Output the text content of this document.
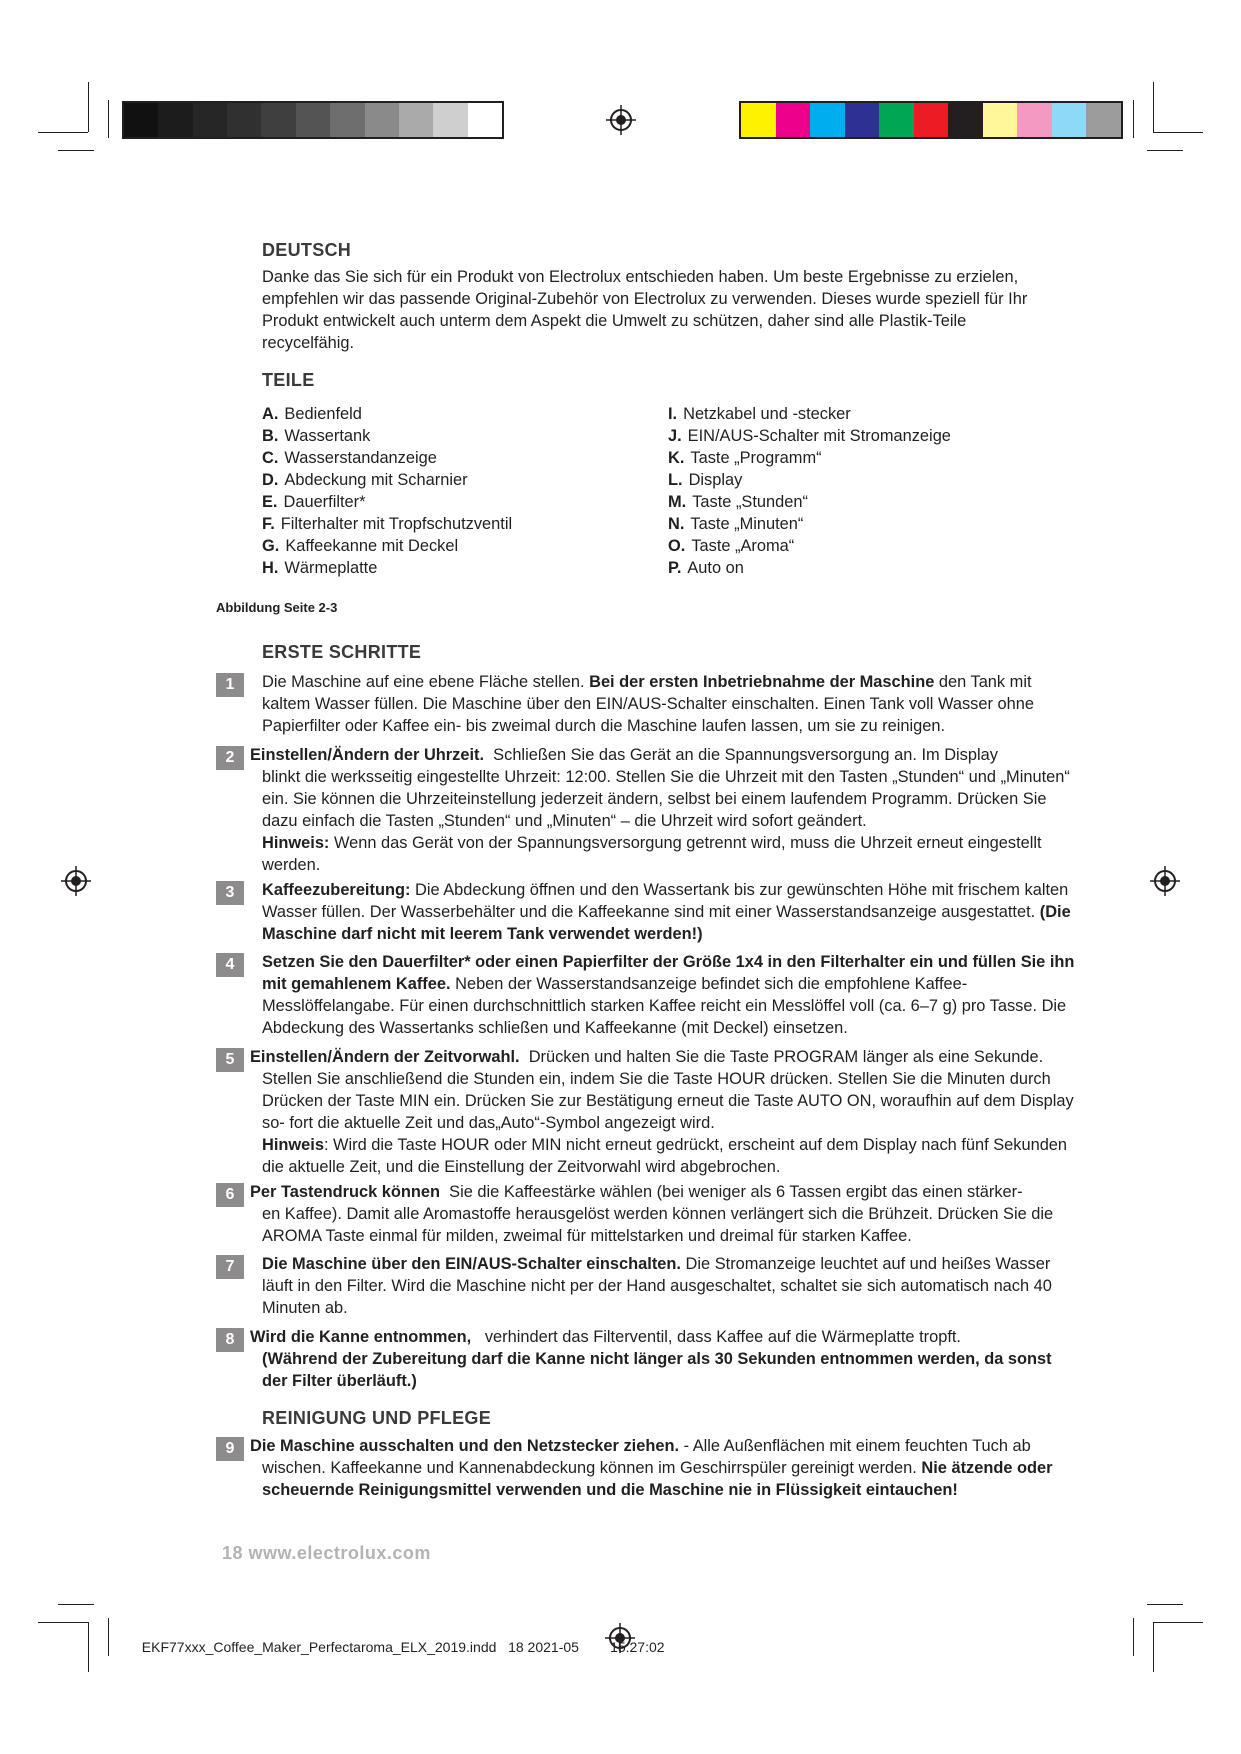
DEUTSCH
Danke das Sie sich für ein Produkt von Electrolux entschieden haben. Um beste Ergebnisse zu erzielen, empfehlen wir das passende Original-Zubehör von Electrolux zu verwenden. Dieses wurde speziell für Ihr Produkt entwickelt auch unterm dem Aspekt die Umwelt zu schützen, daher sind alle Plastik-Teile recycelfähig.
TEILE
A. Bedienfeld
B. Wassertank
C. Wasserstandanzeige
D. Abdeckung mit Scharnier
E. Dauerfilter*
F. Filterhalter mit Tropfschutzventil
G. Kaffeekanne mit Deckel
H. Wärmeplatte
I. Netzkabel und -stecker
J. EIN/AUS-Schalter mit Stromanzeige
K. Taste „Programm“
L. Display
M. Taste „Stunden“
N. Taste „Minuten“
O. Taste „Aroma“
P. Auto on
Abbildung Seite 2-3
ERSTE SCHRITTE
1	Die Maschine auf eine ebene Fläche stellen. Bei der ersten Inbetriebnahme der Maschine den Tank mit kaltem Wasser füllen. Die Maschine über den EIN/AUS-Schalter einschalten. Einen Tank voll Wasser ohne Papierfilter oder Kaffee ein- bis zweimal durch die Maschine laufen lassen, um sie zu reinigen.
2 Einstellen/Ändern der Uhrzeit.  Schließen Sie das Gerät an die Spannungsversorgung an. Im Display
blinkt die werksseitig eingestellte Uhrzeit: 12:00. Stellen Sie die Uhrzeit mit den Tasten „Stunden“ und „Minuten“ ein. Sie können die Uhrzeiteinstellung jederzeit ändern, selbst bei einem laufendem Programm. Drücken Sie dazu einfach die Tasten „Stunden“ und „Minuten“ – die Uhrzeit wird sofort geändert.
Hinweis: Wenn das Gerät von der Spannungsversorgung getrennt wird, muss die Uhrzeit erneut eingestellt werden.
3	Kaffeezubereitung: Die Abdeckung öffnen und den Wassertank bis zur gewünschten Höhe mit frischem kalten Wasser füllen. Der Wasserbehälter und die Kaffeekanne sind mit einer Wasserstandsanzeige ausgestattet. (Die Maschine darf nicht mit leerem Tank verwendet werden!)
4	Setzen Sie den Dauerfilter* oder einen Papierfilter der Größe 1x4 in den Filterhalter ein und füllen Sie ihn mit gemahlenem Kaffee. Neben der Wasserstandsanzeige befindet sich die empfohlene Kaffee-Messlöffelangabe. Für einen durchschnittlich starken Kaffee reicht ein Messlöffel voll (ca. 6–7 g) pro Tasse. Die Abdeckung des Wassertanks schließen und Kaffeekanne (mit Deckel) einsetzen.
5 Einstellen/Ändern der Zeitvorwahl.  Drücken und halten Sie die Taste PROGRAM länger als eine Sekunde.
Stellen Sie anschließend die Stunden ein, indem Sie die Taste HOUR drücken. Stellen Sie die Minuten durch Drücken der Taste MIN ein. Drücken Sie zur Bestätigung erneut die Taste AUTO ON, woraufhin auf dem Display so- fort die aktuelle Zeit und das„Auto“-Symbol angezeigt wird.
Hinweis: Wird die Taste HOUR oder MIN nicht erneut gedrückt, erscheint auf dem Display nach fünf Sekunden die aktuelle Zeit, und die Einstellung der Zeitvorwahl wird abgebrochen.
6 Per Tastendruck können  Sie die Kaffeestärke wählen (bei weniger als 6 Tassen ergibt das einen stärker-
en Kaffee). Damit alle Aromastoffe herausgelöst werden können verlängert sich die Brühzeit. Drücken Sie die AROMA Taste einmal für milden, zweimal für mittelstarken und dreimal für starken Kaffee.
7	Die Maschine über den EIN/AUS-Schalter einschalten. Die Stromanzeige leuchtet auf und heißes Wasser
läuft in den Filter. Wird die Maschine nicht per der Hand ausgeschaltet, schaltet sie sich automatisch nach 40 Minuten ab.
8 Wird die Kanne entnommen,   verhindert das Filterventil, dass Kaffee auf die Wärmeplatte tropft.
(Während der Zubereitung darf die Kanne nicht länger als 30 Sekunden entnommen werden, da sonst der Filter überläuft.)
REINIGUNG UND PFLEGE
9 Die Maschine ausschalten und den Netzstecker ziehen. - Alle Außenflächen mit einem feuchten Tuch ab
wischen. Kaffeekanne und Kannenabdeckung können im Geschirrspüler gereinigt werden. Nie ätzende oder scheuernde Reinigungsmittel verwenden und die Maschine nie in Flüssigkeit eintauchen!
18 www.electrolux.com

EKF77xxx_Coffee_Maker_Perfectaroma_ELX_2019.indd 18 2021-05 15:27:02
